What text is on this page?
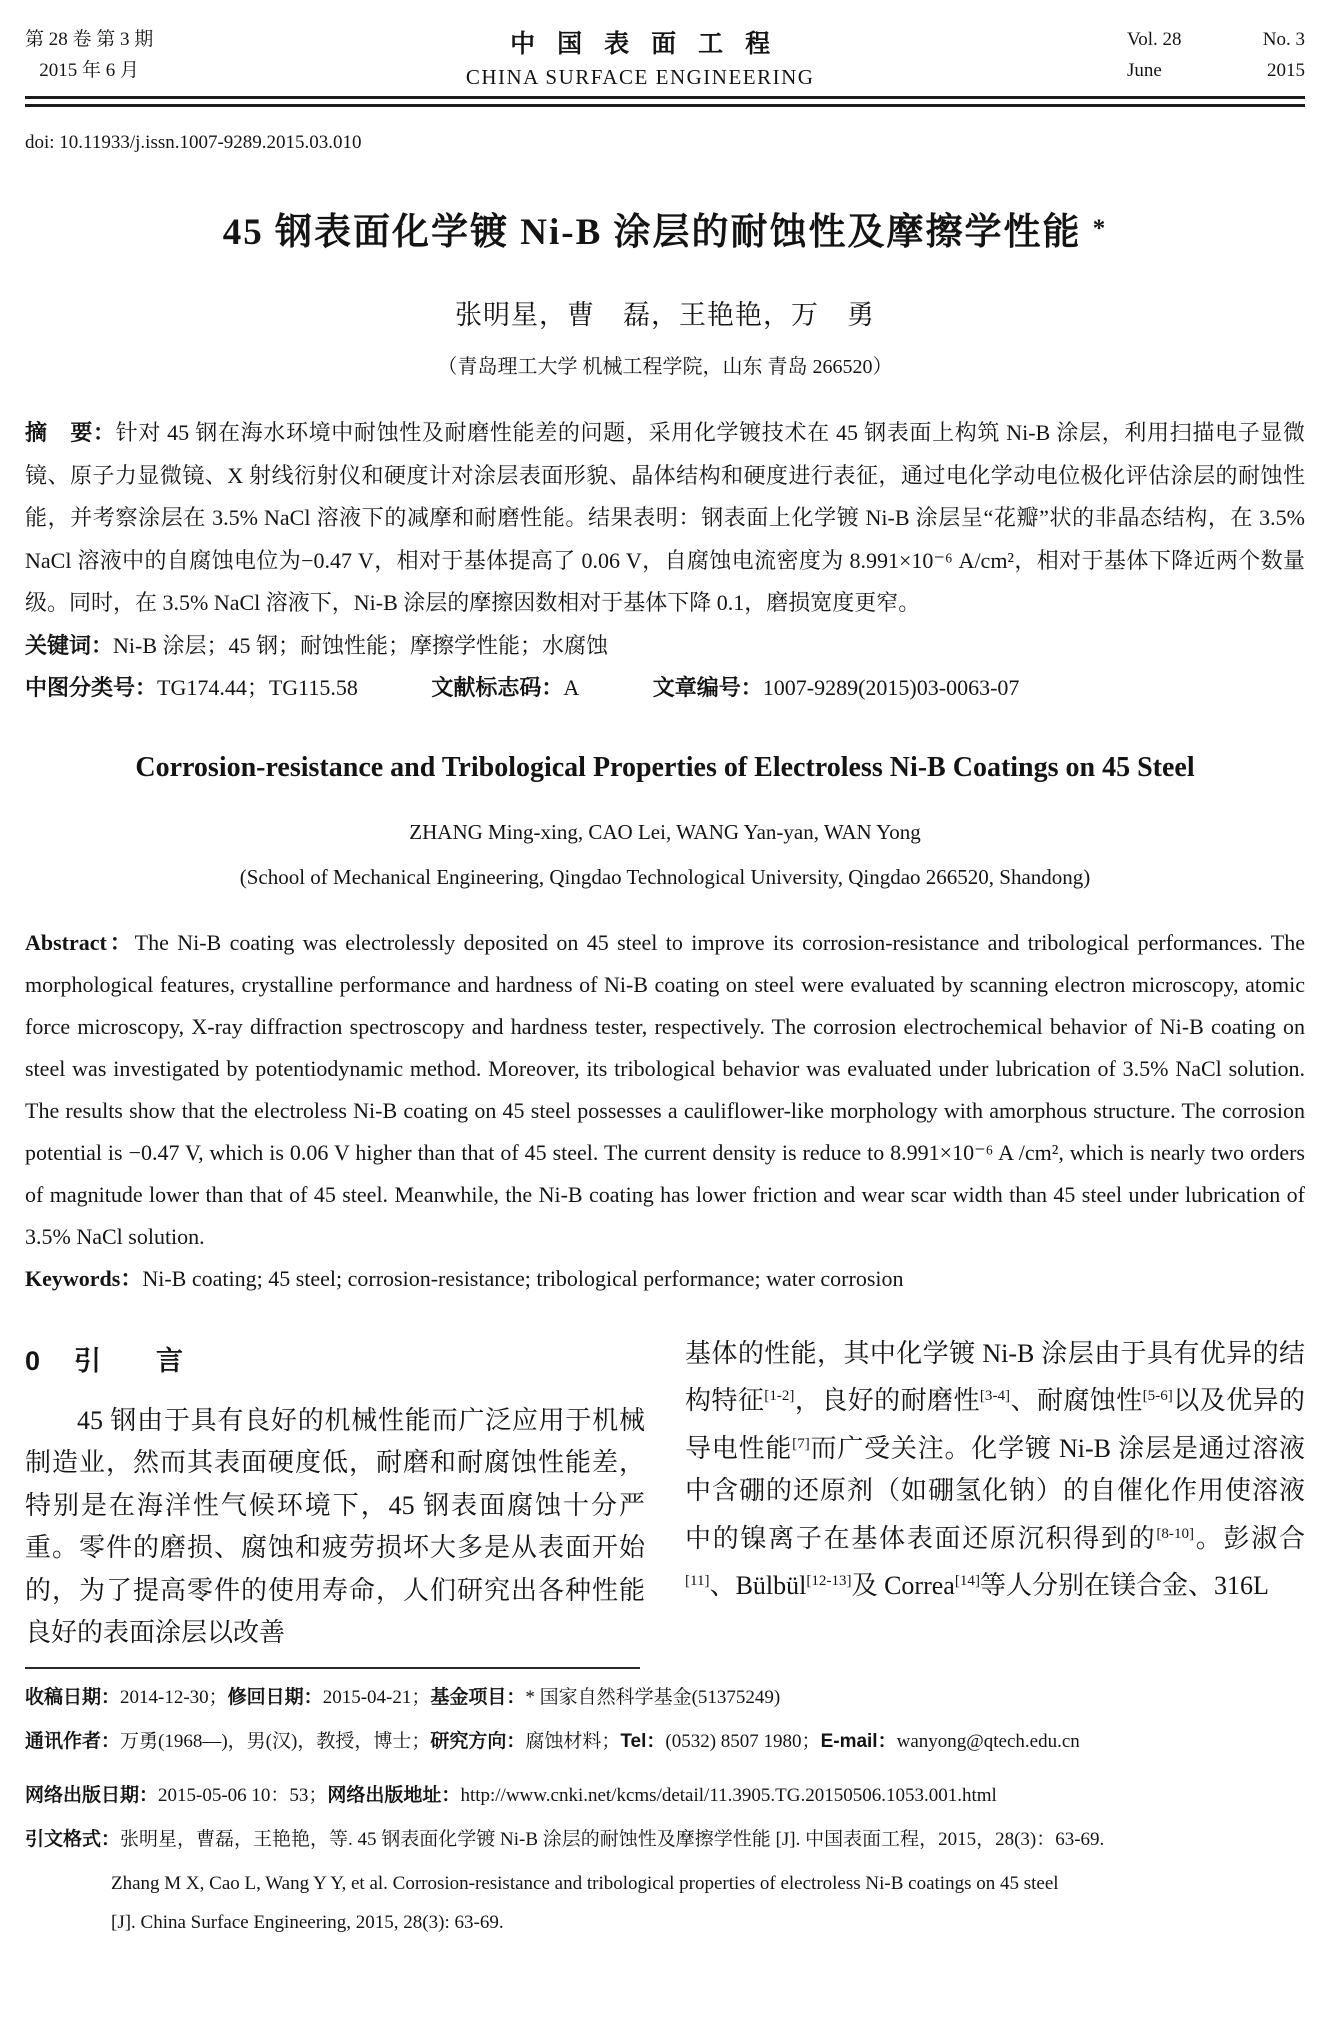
第 28 卷 第 3 期
2015 年 6 月
中国表面工程
CHINA SURFACE ENGINEERING
Vol. 28	No. 3
June	2015
doi: 10.11933/j.issn.1007-9289.2015.03.010
45 钢表面化学镀 Ni-B 涂层的耐蚀性及摩擦学性能 *
张明星，曹　磊，王艳艳，万　勇
（青岛理工大学 机械工程学院，山东 青岛 266520）
摘　要：针对 45 钢在海水环境中耐蚀性及耐磨性能差的问题，采用化学镀技术在 45 钢表面上构筑 Ni-B 涂层，利用扫描电子显微镜、原子力显微镜、X 射线衍射仪和硬度计对涂层表面形貌、晶体结构和硬度进行表征，通过电化学动电位极化评估涂层的耐蚀性能，并考察涂层在 3.5% NaCl 溶液下的减摩和耐磨性能。结果表明：钢表面上化学镀 Ni-B 涂层呈“花瓣”状的非晶态结构，在 3.5% NaCl 溶液中的自腐蚀电位为−0.47 V，相对于基体提高了 0.06 V，自腐蚀电流密度为 8.991×10⁻⁶ A/cm²，相对于基体下降近两个数量级。同时，在 3.5% NaCl 溶液下，Ni-B 涂层的摩擦因数相对于基体下降 0.1，磨损宽度更窄。
关键词：Ni-B 涂层；45 钢；耐蚀性能；摩擦学性能；水腐蚀
中图分类号：TG174.44；TG115.58	文献标志码：A	文章编号：1007-9289(2015)03-0063-07
Corrosion-resistance and Tribological Properties of Electroless Ni-B Coatings on 45 Steel
ZHANG Ming-xing, CAO Lei, WANG Yan-yan, WAN Yong
(School of Mechanical Engineering, Qingdao Technological University, Qingdao 266520, Shandong)
Abstract：The Ni-B coating was electrolessly deposited on 45 steel to improve its corrosion-resistance and tribological performances. The morphological features, crystalline performance and hardness of Ni-B coating on steel were evaluated by scanning electron microscopy, atomic force microscopy, X-ray diffraction spectroscopy and hardness tester, respectively. The corrosion electrochemical behavior of Ni-B coating on steel was investigated by potentiodynamic method. Moreover, its tribological behavior was evaluated under lubrication of 3.5% NaCl solution. The results show that the electroless Ni-B coating on 45 steel possesses a cauliflower-like morphology with amorphous structure. The corrosion potential is −0.47 V, which is 0.06 V higher than that of 45 steel. The current density is reduce to 8.991×10⁻⁶ A /cm², which is nearly two orders of magnitude lower than that of 45 steel. Meanwhile, the Ni-B coating has lower friction and wear scar width than 45 steel under lubrication of 3.5% NaCl solution.
Keywords：Ni-B coating; 45 steel; corrosion-resistance; tribological performance; water corrosion
0 引　言

45 钢由于具有良好的机械性能而广泛应用于机械制造业，然而其表面硬度低，耐磨和耐腐蚀性能差，特别是在海洋性气候环境下，45 钢表面腐蚀十分严重。零件的磨损、腐蚀和疲劳损坏大多是从表面开始的，为了提高零件的使用寿命，人们研究出各种性能良好的表面涂层以改善

基体的性能，其中化学镀 Ni-B 涂层由于具有优异的结构特征[1-2]，良好的耐磨性[3-4]、耐腐蚀性[5-6]以及优异的导电性能[7]而广受关注。化学镀 Ni-B 涂层是通过溶液中含硼的还原剂（如硼氢化钠）的自催化作用使溶液中的镍离子在基体表面还原沉积得到的[8-10]。彭淑合[11]、Bülbül[12-13]及 Correa[14]等人分别在镁合金、316L

收稿日期：2014-12-30；修回日期：2015-04-21；基金项目：* 国家自然科学基金(51375249)
通讯作者：万勇(1968—)，男(汉)，教授，博士；研究方向：腐蚀材料；Tel：(0532) 8507 1980；E-mail：wanyong@qtech.edu.cn
网络出版日期：2015-05-06 10：53；网络出版地址：http://www.cnki.net/kcms/detail/11.3905.TG.20150506.1053.001.html
引文格式：张明星，曹磊，王艳艳，等. 45 钢表面化学镀 Ni-B 涂层的耐蚀性及摩擦学性能 [J]. 中国表面工程，2015，28(3)：63-69.
Zhang M X, Cao L, Wang Y Y, et al. Corrosion-resistance and tribological properties of electroless Ni-B coatings on 45 steel
[J]. China Surface Engineering, 2015, 28(3): 63-69.
